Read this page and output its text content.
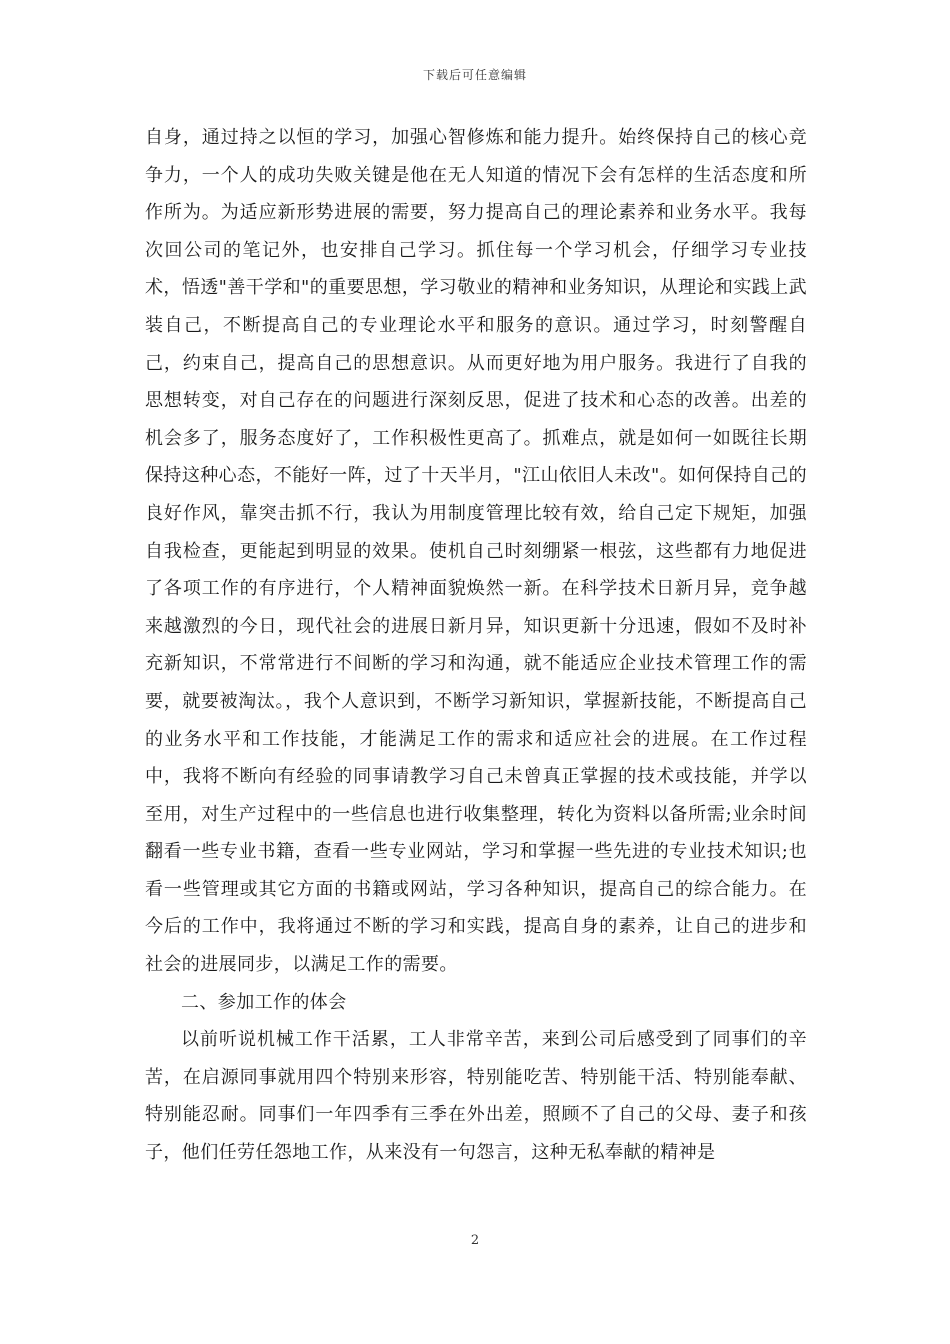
下载后可任意编辑

自身，通过持之以恒的学习，加强心智修炼和能力提升。始终保持自己的核心竞争力，一个人的成功失败关键是他在无人知道的情况下会有怎样的生活态度和所作所为。为适应新形势进展的需要，努力提高自己的理论素养和业务水平。我每次回公司的笔记外，也安排自己学习。抓住每一个学习机会，仔细学习专业技术，悟透"善干学和"的重要思想，学习敬业的精神和业务知识，从理论和实践上武装自己，不断提高自己的专业理论水平和服务的意识。通过学习，时刻警醒自己，约束自己，提高自己的思想意识。从而更好地为用户服务。我进行了自我的思想转变，对自己存在的问题进行深刻反思，促进了技术和心态的改善。出差的机会多了，服务态度好了，工作积极性更高了。抓难点，就是如何一如既往长期保持这种心态，不能好一阵，过了十天半月，"江山依旧人未改"。如何保持自己的良好作风，靠突击抓不行，我认为用制度管理比较有效，给自己定下规矩，加强自我检查，更能起到明显的效果。使机自己时刻绷紧一根弦，这些都有力地促进了各项工作的有序进行，个人精神面貌焕然一新。在科学技术日新月异，竞争越来越激烈的今日，现代社会的进展日新月异，知识更新十分迅速，假如不及时补充新知识，不常常进行不间断的学习和沟通，就不能适应企业技术管理工作的需要，就要被淘汰。，我个人意识到，不断学习新知识，掌握新技能，不断提高自己的业务水平和工作技能，才能满足工作的需求和适应社会的进展。在工作过程中，我将不断向有经验的同事请教学习自己未曾真正掌握的技术或技能，并学以至用，对生产过程中的一些信息也进行收集整理，转化为资料以备所需;业余时间翻看一些专业书籍，查看一些专业网站，学习和掌握一些先进的专业技术知识;也看一些管理或其它方面的书籍或网站，学习各种知识，提高自己的综合能力。在今后的工作中，我将通过不断的学习和实践，提高自身的素养，让自己的进步和社会的进展同步，以满足工作的需要。

二、参加工作的体会

以前听说机械工作干活累，工人非常辛苦，来到公司后感受到了同事们的辛苦，在启源同事就用四个特别来形容，特别能吃苦、特别能干活、特别能奉献、特别能忍耐。同事们一年四季有三季在外出差，照顾不了自己的父母、妻子和孩子，他们任劳任怨地工作，从来没有一句怨言，这种无私奉献的精神是

2
